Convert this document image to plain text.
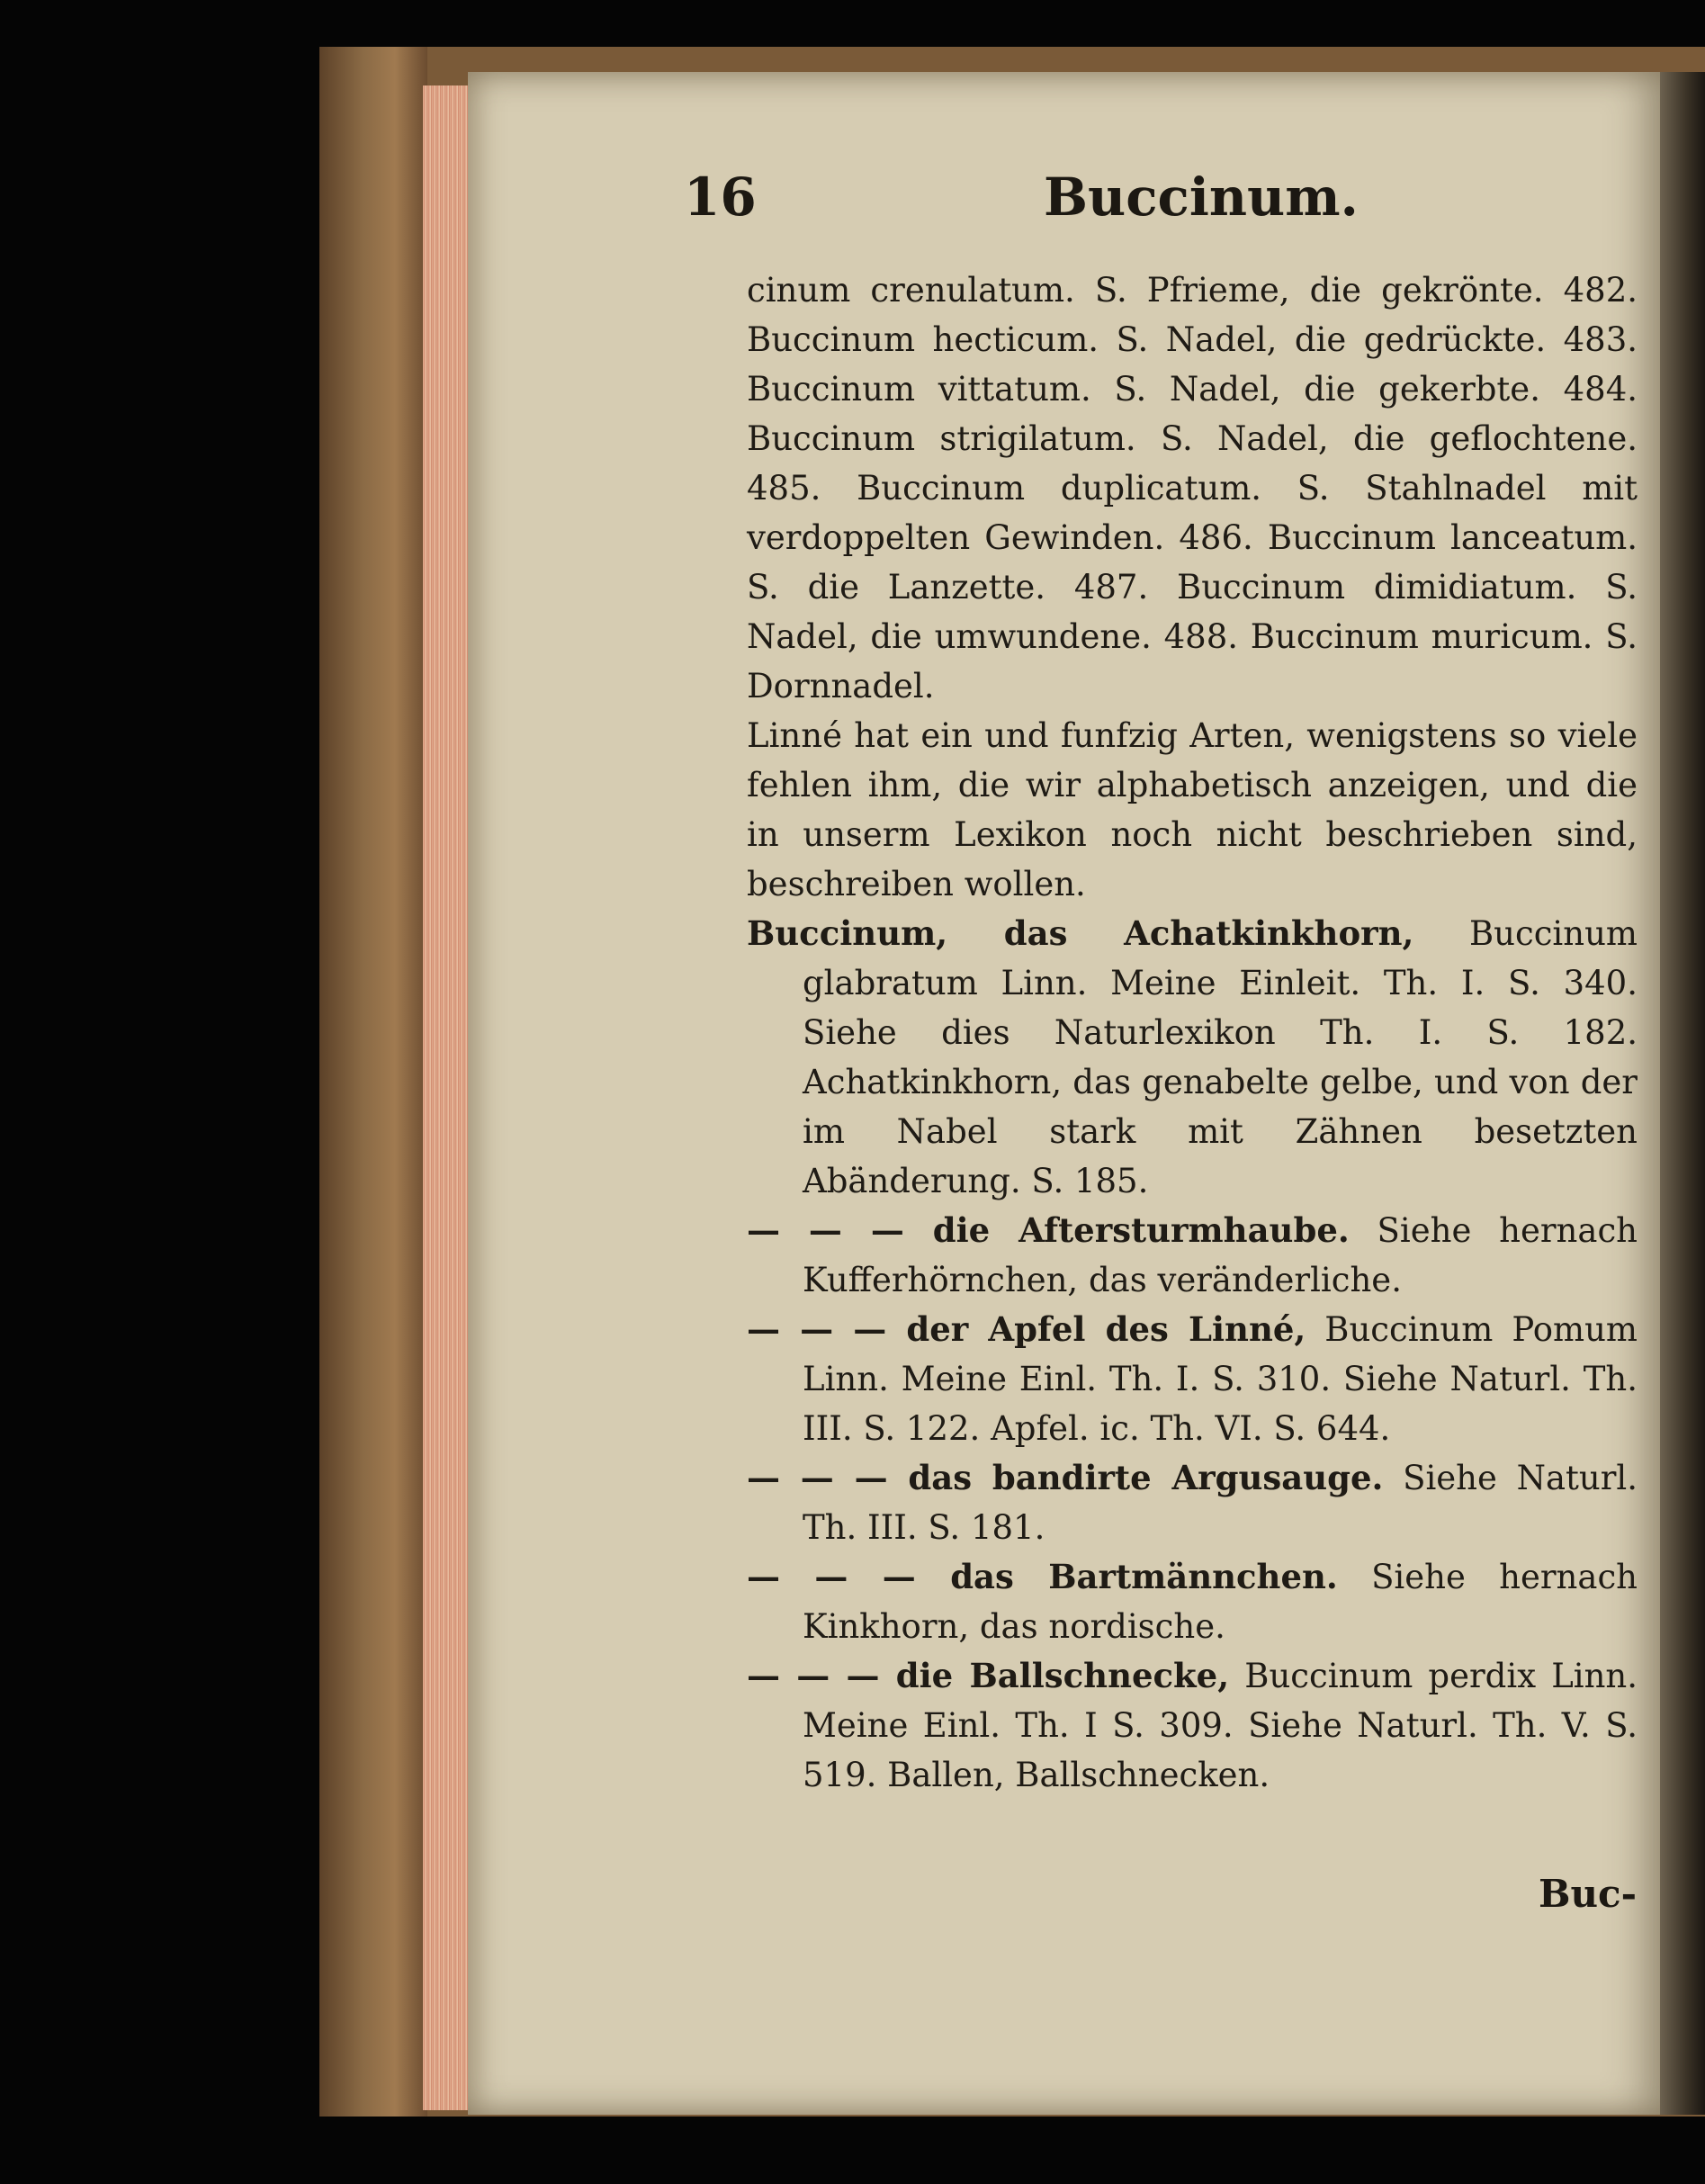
16	Buccinum.

cinum crenulatum. S. Pfrieme, die gekrönte. 482. Buccinum hecticum. S. Nadel, die gedrückte. 483. Buccinum vittatum. S. Nadel, die gekerbte. 484. Buccinum strigilatum. S. Nadel, die geflochtene. 485. Buccinum duplicatum. S. Stahlnadel mit verdoppelten Gewinden. 486. Buccinum lanceatum. S. die Lanzette. 487. Buccinum dimidiatum. S. Nadel, die umwundene. 488. Buccinum muricum. S. Dornnadel.

Linné hat ein und funfzig Arten, wenigstens so viele fehlen ihm, die wir alphabetisch anzeigen, und die in unserm Lexikon noch nicht beschrieben sind, beschreiben wollen.

Buccinum, das Achatkinkhorn, Buccinum glabratum Linn. Meine Einleit. Th. I. S. 340. Siehe dies Naturlexikon Th. I. S. 182. Achatkinkhorn, das genabelte gelbe, und von der im Nabel stark mit Zähnen besetzten Abänderung. S. 185.

— — — die Aftersturmhaube. Siehe hernach Kufferhörnchen, das veränderliche.

— — — der Apfel des Linné, Buccinum Pomum Linn. Meine Einl. Th. I. S. 310. Siehe Naturl. Th. III. S. 122. Apfel. ic. Th. VI. S. 644.

— — — das bandirte Argusauge. Siehe Naturl. Th. III. S. 181.

— — — das Bartmännchen. Siehe hernach Kinkhorn, das nordische.

— — — die Ballschnecke, Buccinum perdix Linn. Meine Einl. Th. I S. 309. Siehe Naturl. Th. V. S. 519. Ballen, Ballschnecken.

Buc-
